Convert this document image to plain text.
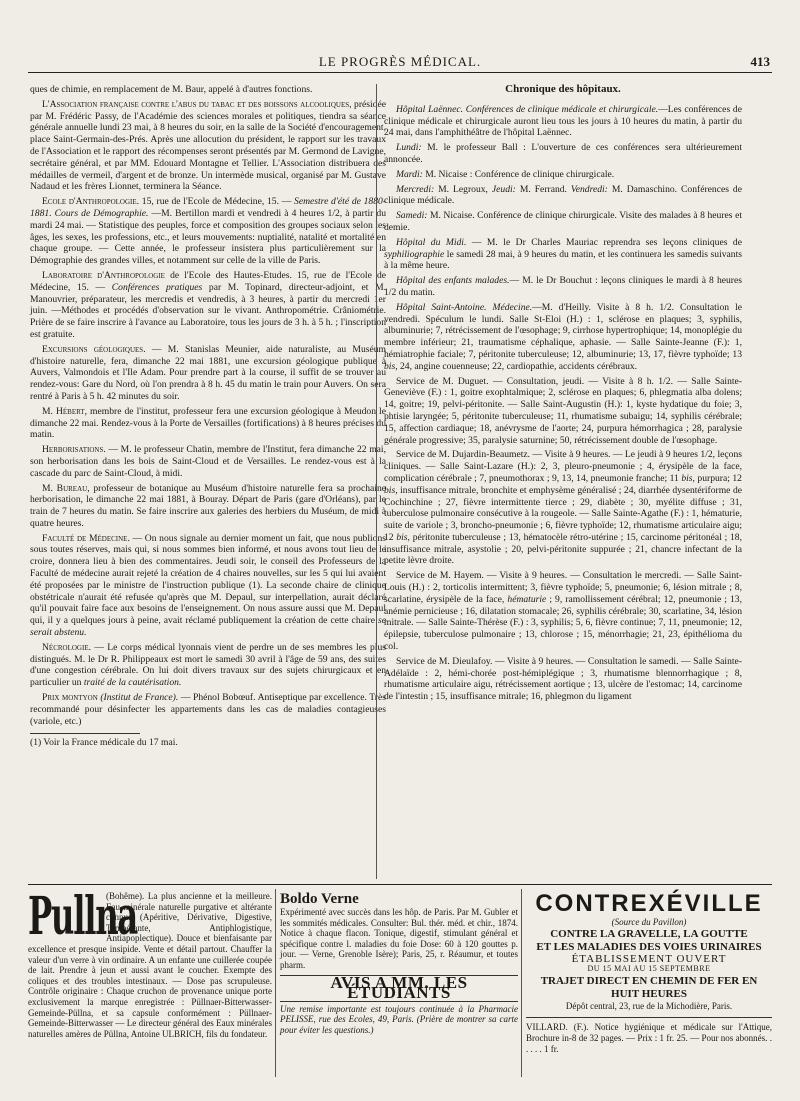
LE PROGRÈS MÉDICAL.	413

ques de chimie, en remplacement de M. Baur, appelé à d'autres fonctions.

L'Association française contre l'abus du tabac et des boissons alcooliques, présidée par M. Frédéric Passy, de l'Académie des sciences morales et politiques, tiendra sa séance générale annuelle lundi 23 mai, à 8 heures du soir, en la salle de la Société d'encouragement, place Saint-Germain-des-Prés. Après une allocution du président, le rapport sur les travaux de l'Association et le rapport des récompenses seront présentés par M. Germond de Lavigne, secrétaire général, et par MM. Edouard Montagne et Tellier. L'Association distribuera des médailles de vermeil, d'argent et de bronze. Un intermède musical, organisé par M. Gustave Nadaud et les frères Lionnet, terminera la Séance.

Ecole d'Anthropologie. 15, rue de l'Ecole de Médecine, 15. — Semestre d'été de 1880-1881. Cours de Démographie. —M. Bertillon mardi et vendredi à 4 heures 1/2, à partir du mardi 24 mai. — Statistique des peuples, force et composition des groupes sociaux selon les âges, les sexes, les professions, etc., et leurs mouvements: nuptialité, natalité et mortalité en chaque groupe. — Cette année, le professeur insistera plus particulièrement sur la Démographie des grandes villes, et notamment sur celle de la ville de Paris.

Laboratoire d'Anthropologie de l'Ecole des Hautes-Etudes. 15, rue de l'Ecole de Médecine, 15. — Conférences pratiques par M. Topinard, directeur-adjoint, et M. Manouvrier, préparateur, les mercredis et vendredis, à 3 heures, à partir du mercredi 1er juin. —Méthodes et procédés d'observation sur le vivant. Anthropométrie. Crâniométrie. Prière de se faire inscrire à l'avance au Laboratoire, tous les jours de 3 h. à 5 h. ; l'inscription est gratuite.

Excursions géologiques. — M. Stanislas Meunier, aide naturaliste, au Muséum d'histoire naturelle, fera, dimanche 22 mai 1881, une excursion géologique publique à Auvers, Valmondois et l'Ile Adam. Pour prendre part à la course, il suffit de se trouver au rendez-vous: Gare du Nord, où l'on prendra à 8 h. 45 du matin le train pour Auvers. On sera rentré à Paris à 5 h. 42 minutes du soir.

M. Hébert, membre de l'institut, professeur fera une excursion géologique à Meudon le dimanche 22 mai. Rendez-vous à la Porte de Versailles (fortifications) à 8 heures précises du matin.

Herborisations. — M. le professeur Chatin, membre de l'Institut, fera dimanche 22 mai, son herborisation dans les bois de Saint-Cloud et de Versailles. Le rendez-vous est à la cascade du parc de Saint-Cloud, à midi.

M. Bureau, professeur de botanique au Muséum d'histoire naturelle fera sa prochaine herborisation, le dimanche 22 mai 1881, à Bouray. Départ de Paris (gare d'Orléans), par le train de 7 heures du matin. Se faire inscrire aux galeries des herbiers du Muséum, de midi à quatre heures.

Faculté de Médecine. — On nous signale au dernier moment un fait, que nous publions sous toutes réserves, mais qui, si nous sommes bien informé, et nous avons tout lieu de le croire, donnera lieu à bien des commentaires. Jeudi soir, le conseil des Professeurs de la Faculté de médecine aurait rejeté la création de 4 chaires nouvelles, sur les 5 qui lui avaient été proposées par le ministre de l'instruction publique (1). La seconde chaire de clinique obstétricale n'aurait été refusée qu'après que M. Depaul, sur interpellation, aurait déclaré qu'il pouvait faire face aux besoins de l'enseignement. On nous assure aussi que M. Depaul qui, il y a quelques jours à peine, avait réclamé publiquement la création de cette chaire se serait abstenu.

Nécrologie. — Le corps médical lyonnais vient de perdre un de ses membres les plus distingués. M. le Dr R. Philippeaux est mort le samedi 30 avril à l'âge de 59 ans, des suites d'une congestion cérébrale. On lui doit divers travaux sur des sujets chirurgicaux et en particulier un traité de la cautérisation.

Prix montyon (Institut de France). — Phénol Bobœuf. Antiseptique par excellence. Très recommandé pour désinfecter les appartements dans les cas de maladies contagieuses (variole, etc.)

(1) Voir la France médicale du 17 mai.

Chronique des hôpitaux.

Hôpital Laënnec. Conférences de clinique médicale et chirurgicale.—Les conférences de clinique médicale et chirurgicale auront lieu tous les jours à 10 heures du matin, à partir du 24 mai, dans l'amphithéâtre de l'hôpital Laënnec.

Lundi: M. le professeur Ball : L'ouverture de ces conférences sera ultérieurement annoncée.

Mardi: M. Nicaise : Conférence de clinique chirurgicale.

Mercredi: M. Legroux, Jeudi: M. Ferrand. Vendredi: M. Damaschino. Conférences de clinique médicale.

Samedi: M. Nicaise. Conférence de clinique chirurgicale. Visite des malades à 8 heures et demie.

Hôpital du Midi. — M. le Dr Charles Mauriac reprendra ses leçons cliniques de syphiliographie le samedi 28 mai, à 9 heures du matin, et les continuera les samedis suivants à la même heure.

Hôpital des enfants malades.— M. le Dr Bouchut : leçons cliniques le mardi à 8 heures 1/2 du matin.

Hôpital Saint-Antoine. Médecine.—M. d'Heilly. Visite à 8 h. 1/2. Consultation le vendredi. Spéculum le lundi. Salle St-Eloi (H.) : 1, sclérose en plaques; 3, syphilis, albuminurie; 7, rétrécissement de l'œsophage; 9, cirrhose hypertrophique; 14, monoplégie du membre inférieur; 21, traumatisme céphalique, aphasie. — Salle Sainte-Jeanne (F.): 1, hémiatrophie faciale; 7, péritonite tuberculeuse; 12, albuminurie; 13, 17, fièvre typhoïde; 13 bis, 24, angine couenneuse; 22, cardiopathie, accidents cérébraux.

Service de M. Duguet. — Consultation, jeudi. — Visite à 8 h. 1/2. — Salle Sainte-Geneviève (F.) : 1, goitre exophtalmique; 2, sclérose en plaques; 6, phlegmatia alba dolens; 14, goitre; 19, pelvi-péritonite. — Salle Saint-Augustin (H.): 1, kyste hydatique du foie; 3, phtisie laryngée; 5, péritonite tuberculeuse; 11, rhumatisme subaigu; 14, syphilis cérébrale; 15, affection cardiaque; 18, anévrysme de l'aorte; 24, purpura hémorrhagica ; 28, paralysie générale progressive; 35, paralysie saturnine; 50, rétrécissement double de l'œsophage.

Service de M. Dujardin-Beaumetz. — Visite à 9 heures. — Le jeudi à 9 heures 1/2, leçons cliniques. — Salle Saint-Lazare (H.): 2, 3, pleuro-pneumonie ; 4, érysipèle de la face, complication cérébrale ; 7, pneumothorax ; 9, 13, 14, pneumonie franche; 11 bis, purpura; 12 bis, insuffisance mitrale, bronchite et emphysème généralisé ; 24, diarrhée dysentériforme de Cochinchine ; 27, fièvre intermittente tierce ; 29, diabète ; 30, myélite diffuse ; 31, tuberculose pulmonaire consécutive à la rougeole. — Salle Sainte-Agathe (F.) : 1, hématurie, suite de variole ; 3, broncho-pneumonie ; 6, fièvre typhoïde; 12, rhumatisme articulaire aigu; 12 bis, péritonite tuberculeuse ; 13, hématocèle rétro-utérine ; 15, carcinome péritonéal ; 18, insuffisance mitrale, asystolie ; 20, pelvi-péritonite suppurée ; 21, chancre infectant de la petite lèvre droite.

Service de M. Hayem. — Visite à 9 heures. — Consultation le mercredi. — Salle Saint-Louis (H.) : 2, torticolis intermittent; 3, fièvre typhoïde; 5, pneumonie; 6, lésion mitrale ; 8, scarlatine, érysipèle de la face, hématurie ; 9, ramollissement cérébral; 12, pneumonie ; 13, anémie pernicieuse ; 16, dilatation stomacale; 26, syphilis cérébrale; 30, scarlatine, 34, lésion mitrale. — Salle Sainte-Thérèse (F.) : 3, syphilis; 5, 6, fièvre continue; 7, 11, pneumonie; 12, épilepsie, tuberculose pulmonaire ; 13, chlorose ; 15, ménorrhagie; 21, 23, épithélioma du col.

Service de M. Dieulafoy. — Visite à 9 heures. — Consultation le samedi. — Salle Sainte-Adélaïde : 2, hémi-chorée post-hémiplégique ; 3, rhumatisme blennorrhagique ; 8, rhumatisme articulaire aigu, rétrécissement aortique ; 13, ulcère de l'estomac; 14, carcinome de l'intestin ; 15, insuffisance mitrale; 16, phlegmon du ligament

Pullna
(Bohême). La plus ancienne et la meilleure. Eau minérale naturelle purgative et altérante connue (Apéritive, Dérivative, Digestive, Tempérante, Antiphlogistique, Antiapoplectique). Douce et bienfaisante par excellence et presque insipide. Vente et détail partout. Chauffer la valeur d'un verre à vin ordinaire. A un enfante une cuillerée coupée de lait. Prendre à jeun et aussi avant le coucher. Exempte des coliques et des troubles intestinaux. — Dose pas scrupuleuse. Contrôle originaire : Chaque cruchon de provenance unique porte exclusivement la marque enregistrée : Püllnaer-Bitterwasser-Gemeinde-Püllna, et sa capsule conformément : Püllnaer-Gemeinde-Bitterwasser — Le directeur général des Eaux minérales naturelles amères de Püllna, Antoine ULBRICH, fils du fondateur.
Boldo Verne
Expérimenté avec succès dans les hôp. de Paris. Par M. Gubler et les sommités médicales. Consulter: Bul. thér. méd. et chir., 1874. Notice à chaque flacon. Tonique, digestif, stimulant général et spécifique contre l. maladies du foie Dose: 60 à 120 gouttes p. jour. — Verne, Grenoble Isère); Paris, 25, r. Réaumur, et toutes pharm.
AVIS A MM. LES ÉTUDIANTS
Une remise importante est toujours continuée à la Pharmacie PELISSE, rue des Ecoles, 49, Paris. (Prière de montrer sa carte pour éviter les questions.)
CONTREXÉVILLE
(Source du Pavillon)
CONTRE LA GRAVELLE, LA GOUTTE
ET LES MALADIES DES VOIES URINAIRES
ÉTABLISSEMENT OUVERT
DU 15 MAI AU 15 SEPTEMBRE
TRAJET DIRECT EN CHEMIN DE FER EN HUIT HEURES
Dépôt central, 23, rue de la Michodière, Paris.
VILLARD. (F.). Notice hygiénique et médicale sur l'Attique, Brochure in-8 de 32 pages. — Prix : 1 fr. 25. — Pour nos abonnés. . . . . . 1 fr.
